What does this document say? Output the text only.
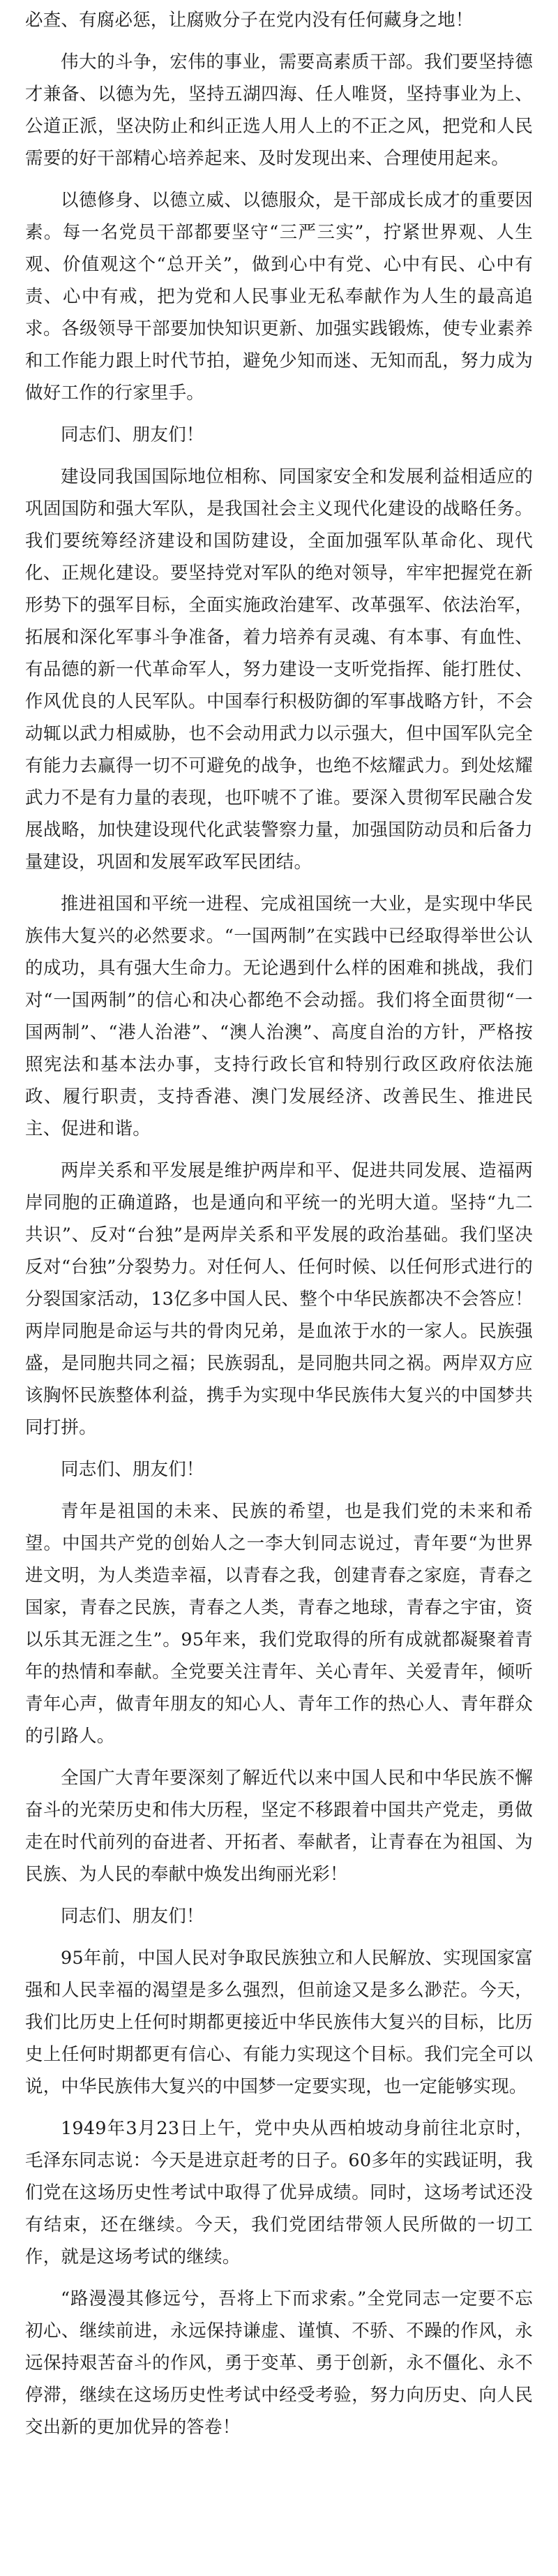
必查、有腐必惩，让腐败分子在党内没有任何藏身之地！

伟大的斗争，宏伟的事业，需要高素质干部。我们要坚持德才兼备、以德为先，坚持五湖四海、任人唯贤，坚持事业为上、公道正派，坚决防止和纠正选人用人上的不正之风，把党和人民需要的好干部精心培养起来、及时发现出来、合理使用起来。

以德修身、以德立威、以德服众，是干部成长成才的重要因素。每一名党员干部都要坚守“三严三实”，拧紧世界观、人生观、价值观这个“总开关”，做到心中有党、心中有民、心中有责、心中有戒，把为党和人民事业无私奉献作为人生的最高追求。各级领导干部要加快知识更新、加强实践锻炼，使专业素养和工作能力跟上时代节拍，避免少知而迷、无知而乱，努力成为做好工作的行家里手。

同志们、朋友们！

建设同我国国际地位相称、同国家安全和发展利益相适应的巩固国防和强大军队，是我国社会主义现代化建设的战略任务。我们要统筹经济建设和国防建设，全面加强军队革命化、现代化、正规化建设。要坚持党对军队的绝对领导，牢牢把握党在新形势下的强军目标，全面实施政治建军、改革强军、依法治军，拓展和深化军事斗争准备，着力培养有灵魂、有本事、有血性、有品德的新一代革命军人，努力建设一支听党指挥、能打胜仗、作风优良的人民军队。中国奉行积极防御的军事战略方针，不会动辄以武力相威胁，也不会动用武力以示强大，但中国军队完全有能力去赢得一切不可避免的战争，也绝不炫耀武力。到处炫耀武力不是有力量的表现，也吓唬不了谁。要深入贯彻军民融合发展战略，加快建设现代化武装警察力量，加强国防动员和后备力量建设，巩固和发展军政军民团结。

推进祖国和平统一进程、完成祖国统一大业，是实现中华民族伟大复兴的必然要求。“一国两制”在实践中已经取得举世公认的成功，具有强大生命力。无论遇到什么样的困难和挑战，我们对“一国两制”的信心和决心都绝不会动摇。我们将全面贯彻“一国两制”、“港人治港”、“澳人治澳”、高度自治的方针，严格按照宪法和基本法办事，支持行政长官和特别行政区政府依法施政、履行职责，支持香港、澳门发展经济、改善民生、推进民主、促进和谐。

两岸关系和平发展是维护两岸和平、促进共同发展、造福两岸同胞的正确道路，也是通向和平统一的光明大道。坚持“九二共识”、反对“台独”是两岸关系和平发展的政治基础。我们坚决反对“台独”分裂势力。对任何人、任何时候、以任何形式进行的分裂国家活动，13亿多中国人民、整个中华民族都决不会答应！两岸同胞是命运与共的骨肉兄弟，是血浓于水的一家人。民族强盛，是同胞共同之福；民族弱乱，是同胞共同之祸。两岸双方应该胸怀民族整体利益，携手为实现中华民族伟大复兴的中国梦共同打拼。

同志们、朋友们！

青年是祖国的未来、民族的希望，也是我们党的未来和希望。中国共产党的创始人之一李大钊同志说过，青年要“为世界进文明，为人类造幸福，以青春之我，创建青春之家庭，青春之国家，青春之民族，青春之人类，青春之地球，青春之宇宙，资以乐其无涯之生”。95年来，我们党取得的所有成就都凝聚着青年的热情和奉献。全党要关注青年、关心青年、关爱青年，倾听青年心声，做青年朋友的知心人、青年工作的热心人、青年群众的引路人。

全国广大青年要深刻了解近代以来中国人民和中华民族不懈奋斗的光荣历史和伟大历程，坚定不移跟着中国共产党走，勇做走在时代前列的奋进者、开拓者、奉献者，让青春在为祖国、为民族、为人民的奉献中焕发出绚丽光彩！

同志们、朋友们！

95年前，中国人民对争取民族独立和人民解放、实现国家富强和人民幸福的渴望是多么强烈，但前途又是多么渺茫。今天，我们比历史上任何时期都更接近中华民族伟大复兴的目标，比历史上任何时期都更有信心、有能力实现这个目标。我们完全可以说，中华民族伟大复兴的中国梦一定要实现，也一定能够实现。

1949年3月23日上午，党中央从西柏坡动身前往北京时，毛泽东同志说：今天是进京赶考的日子。60多年的实践证明，我们党在这场历史性考试中取得了优异成绩。同时，这场考试还没有结束，还在继续。今天，我们党团结带领人民所做的一切工作，就是这场考试的继续。

“路漫漫其修远兮，吾将上下而求索。”全党同志一定要不忘初心、继续前进，永远保持谦虚、谨慎、不骄、不躁的作风，永远保持艰苦奋斗的作风，勇于变革、勇于创新，永不僵化、永不停滞，继续在这场历史性考试中经受考验，努力向历史、向人民交出新的更加优异的答卷！
